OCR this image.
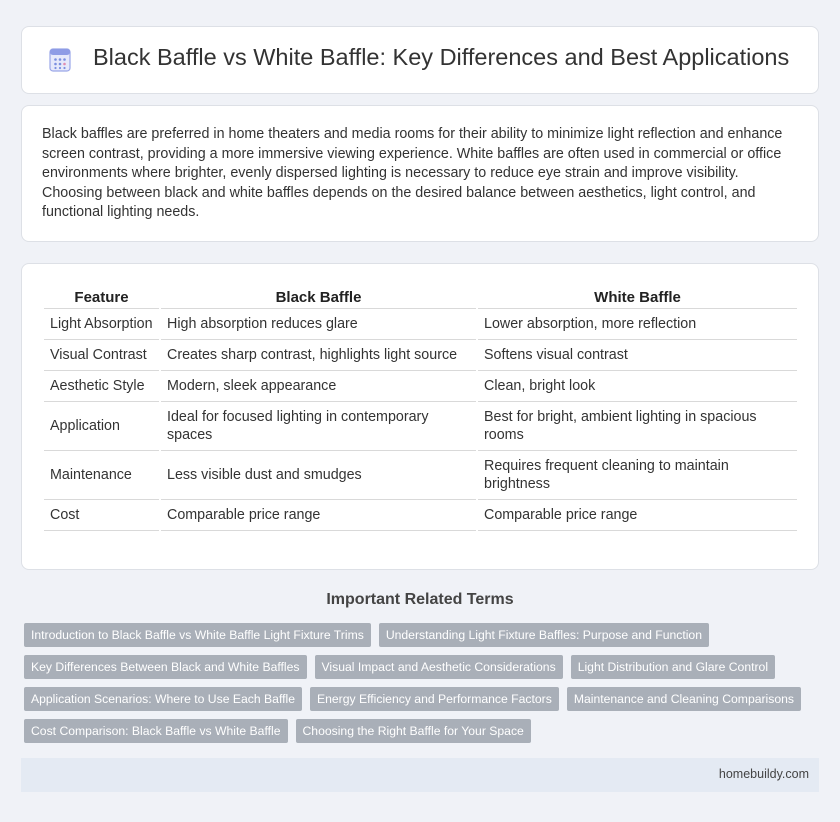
Black Baffle vs White Baffle: Key Differences and Best Applications

Black baffles are preferred in home theaters and media rooms for their ability to minimize light reflection and enhance screen contrast, providing a more immersive viewing experience. White baffles are often used in commercial or office environments where brighter, evenly dispersed lighting is necessary to reduce eye strain and improve visibility. Choosing between black and white baffles depends on the desired balance between aesthetics, light control, and functional lighting needs.

Feature	Black Baffle	White Baffle
Light Absorption	High absorption reduces glare	Lower absorption, more reflection
Visual Contrast	Creates sharp contrast, highlights light source	Softens visual contrast
Aesthetic Style	Modern, sleek appearance	Clean, bright look
Application	Ideal for focused lighting in contemporary spaces	Best for bright, ambient lighting in spacious rooms
Maintenance	Less visible dust and smudges	Requires frequent cleaning to maintain brightness
Cost	Comparable price range	Comparable price range
Important Related Terms
Introduction to Black Baffle vs White Baffle Light Fixture Trims	Understanding Light Fixture Baffles: Purpose and Function
Key Differences Between Black and White Baffles	Visual Impact and Aesthetic Considerations	Light Distribution and Glare Control
Application Scenarios: Where to Use Each Baffle	Energy Efficiency and Performance Factors	Maintenance and Cleaning Comparisons
Cost Comparison: Black Baffle vs White Baffle	Choosing the Right Baffle for Your Space
homebuildy.com
